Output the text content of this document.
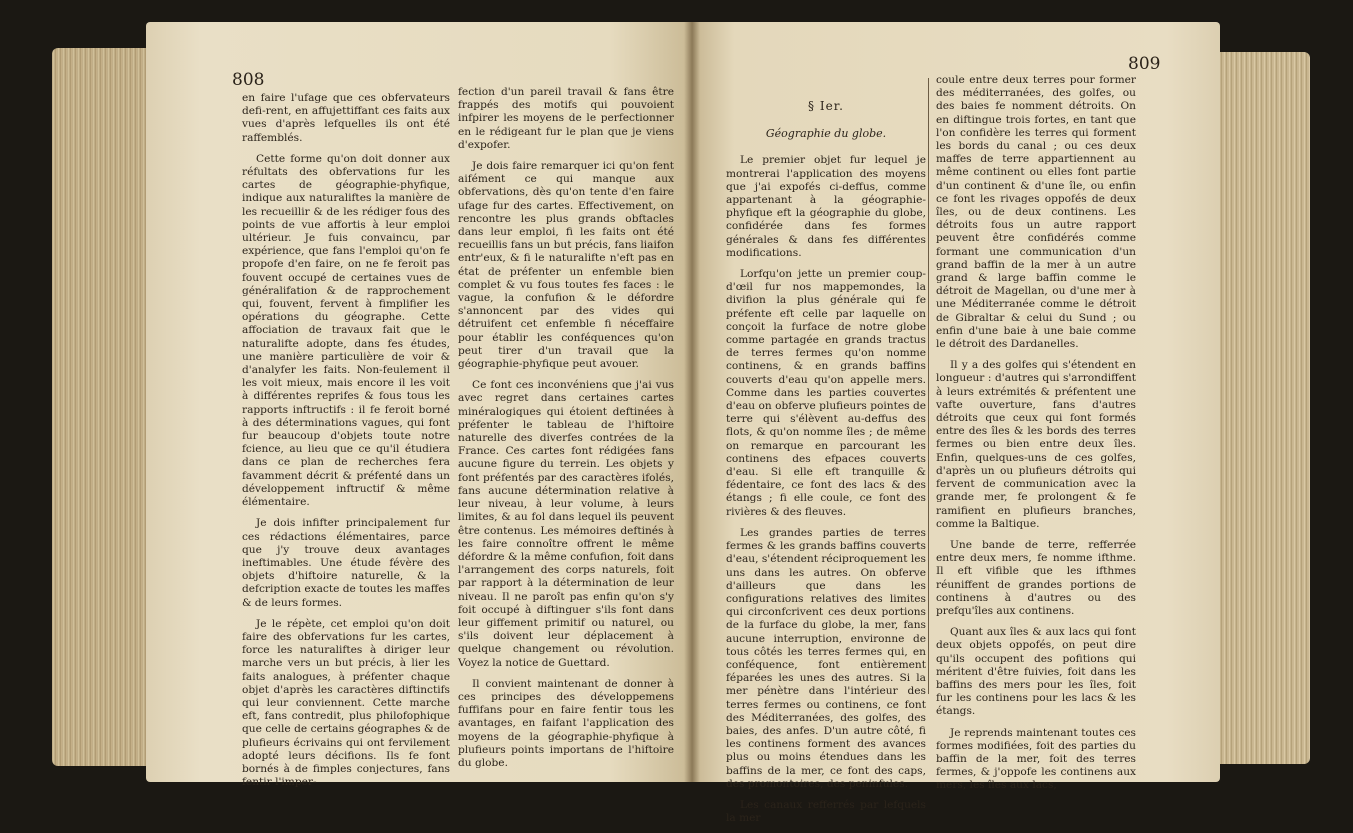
808

en faire l'ufage que ces obfervateurs defi-rent, en affujettiffant ces faits aux vues d'après lefquelles ils ont été raffemblés.

Cette forme qu'on doit donner aux réfultats des obfervations fur les cartes de géographie-phyfique, indique aux naturaliftes la manière de les recueillir & de les rédiger fous des points de vue affortis à leur emploi ultérieur. Je fuis convaincu, par expérience, que fans l'emploi qu'on fe propofe d'en faire, on ne fe feroit pas fouvent occupé de certaines vues de généralifation & de rapprochement qui, fouvent, fervent à fimplifier les opérations du géographe. Cette affociation de travaux fait que le naturalifte adopte, dans fes études, une manière particulière de voir & d'analyfer les faits. Non-feulement il les voit mieux, mais encore il les voit à différentes reprifes & fous tous les rapports inftructifs : il fe feroit borné à des déterminations vagues, qui font fur beaucoup d'objets toute notre fcience, au lieu que ce qu'il étudiera dans ce plan de recherches fera favamment décrit & préfenté dans un développement inftructif & même élémentaire.

Je dois infifter principalement fur ces rédactions élémentaires, parce que j'y trouve deux avantages ineftimables. Une étude févère des objets d'hiftoire naturelle, & la defcription exacte de toutes les maffes & de leurs formes.

Je le répète, cet emploi qu'on doit faire des obfervations fur les cartes, force les naturaliftes à diriger leur marche vers un but précis, à lier les faits analogues, à préfenter chaque objet d'après les caractères diftinctifs qui leur conviennent. Cette marche eft, fans contredit, plus philofophique que celle de certains géographes & de plufieurs écrivains qui ont fervilement adopté leurs décifions. Ils fe font bornés à de fimples conjectures, fans fentir l'imper-

fection d'un pareil travail & fans être frappés des motifs qui pouvoient infpirer les moyens de le perfectionner en le rédigeant fur le plan que je viens d'expofer.

Je dois faire remarquer ici qu'on fent aifément ce qui manque aux obfervations, dès qu'on tente d'en faire ufage fur des cartes. Effectivement, on rencontre les plus grands obftacles dans leur emploi, fi les faits ont été recueillis fans un but précis, fans liaifon entr'eux, & fi le naturalifte n'eft pas en état de préfenter un enfemble bien complet & vu fous toutes fes faces : le vague, la confufion & le défordre s'annoncent par des vides qui détruifent cet enfemble fi néceffaire pour établir les conféquences qu'on peut tirer d'un travail que la géographie-phyfique peut avouer.

Ce font ces inconvéniens que j'ai vus avec regret dans certaines cartes minéralogiques qui étoient deftinées à préfenter le tableau de l'hiftoire naturelle des diverfes contrées de la France. Ces cartes font rédigées fans aucune figure du terrein. Les objets y font préfentés par des caractères ifolés, fans aucune détermination relative à leur niveau, à leur volume, à leurs limites, & au fol dans lequel ils peuvent être contenus. Les mémoires deftinés à les faire connoître offrent le même défordre & la même confufion, foit dans l'arrangement des corps naturels, foit par rapport à la détermination de leur niveau. Il ne paroît pas enfin qu'on s'y foit occupé à diftinguer s'ils font dans leur giffement primitif ou naturel, ou s'ils doivent leur déplacement à quelque changement ou révolution. Voyez la notice de Guettard.

Il convient maintenant de donner à ces principes des développemens fuffifans pour en faire fentir tous les avantages, en faifant l'application des moyens de la géographie-phyfique à plufieurs points importans de l'hiftoire du globe.

809
§ Ier.
Géographie du globe.

Le premier objet fur lequel je montrerai l'application des moyens que j'ai expofés ci-deffus, comme appartenant à la géographie-phyfique eft la géographie du globe, confidérée dans fes formes générales & dans fes différentes modifications.

Lorfqu'on jette un premier coup-d'œil fur nos mappemondes, la divifion la plus générale qui fe préfente eft celle par laquelle on conçoit la furface de notre globe comme partagée en grands tractus de terres fermes qu'on nomme continens, & en grands baffins couverts d'eau qu'on appelle mers. Comme dans les parties couvertes d'eau on obferve plufieurs pointes de terre qui s'élèvent au-deffus des flots, & qu'on nomme îles ; de même on remarque en parcourant les continens des efpaces couverts d'eau. Si elle eft tranquille & fédentaire, ce font des lacs & des étangs ; fi elle coule, ce font des rivières & des fleuves.

Les grandes parties de terres fermes & les grands baffins couverts d'eau, s'étendent réciproquement les uns dans les autres. On obferve d'ailleurs que dans les configurations relatives des limites qui circonfcrivent ces deux portions de la furface du globe, la mer, fans aucune interruption, environne de tous côtés les terres fermes qui, en conféquence, font entièrement féparées les unes des autres. Si la mer pénètre dans l'intérieur des terres fermes ou continens, ce font des Méditerranées, des golfes, des baies, des anfes. D'un autre côté, fi les continens forment des avances plus ou moins étendues dans les baffins de la mer, ce font des caps, des promontoires, des peninfules.

Les canaux refferrés par lefquels la mer

coule entre deux terres pour former des méditerranées, des golfes, ou des baies fe nomment détroits. On en diftingue trois fortes, en tant que l'on confidère les terres qui forment les bords du canal ; ou ces deux maffes de terre appartiennent au même continent ou elles font partie d'un continent & d'une île, ou enfin ce font les rivages oppofés de deux îles, ou de deux continens. Les détroits fous un autre rapport peuvent être confidérés comme formant une communication d'un grand baffin de la mer à un autre grand & large baffin comme le détroit de Magellan, ou d'une mer à une Méditerranée comme le détroit de Gibraltar & celui du Sund ; ou enfin d'une baie à une baie comme le détroit des Dardanelles.

Il y a des golfes qui s'étendent en longueur : d'autres qui s'arrondiffent à leurs extrémités & préfentent une vafte ouverture, fans d'autres détroits que ceux qui font formés entre des îles & les bords des terres fermes ou bien entre deux îles. Enfin, quelques-uns de ces golfes, d'après un ou plufieurs détroits qui fervent de communication avec la grande mer, fe prolongent & fe ramifient en plufieurs branches, comme la Baltique.

Une bande de terre, refferrée entre deux mers, fe nomme ifthme. Il eft vifible que les ifthmes réuniffent de grandes portions de continens à d'autres ou des prefqu'îles aux continens.

Quant aux îles & aux lacs qui font deux objets oppofés, on peut dire qu'ils occupent des pofitions qui méritent d'être fuivies, foit dans les baffins des mers pour les îles, foit fur les continens pour les lacs & les étangs.

Je reprends maintenant toutes ces formes modifiées, foit des parties du baffin de la mer, foit des terres fermes, & j'oppofe les continens aux mers, les îles aux lacs,
